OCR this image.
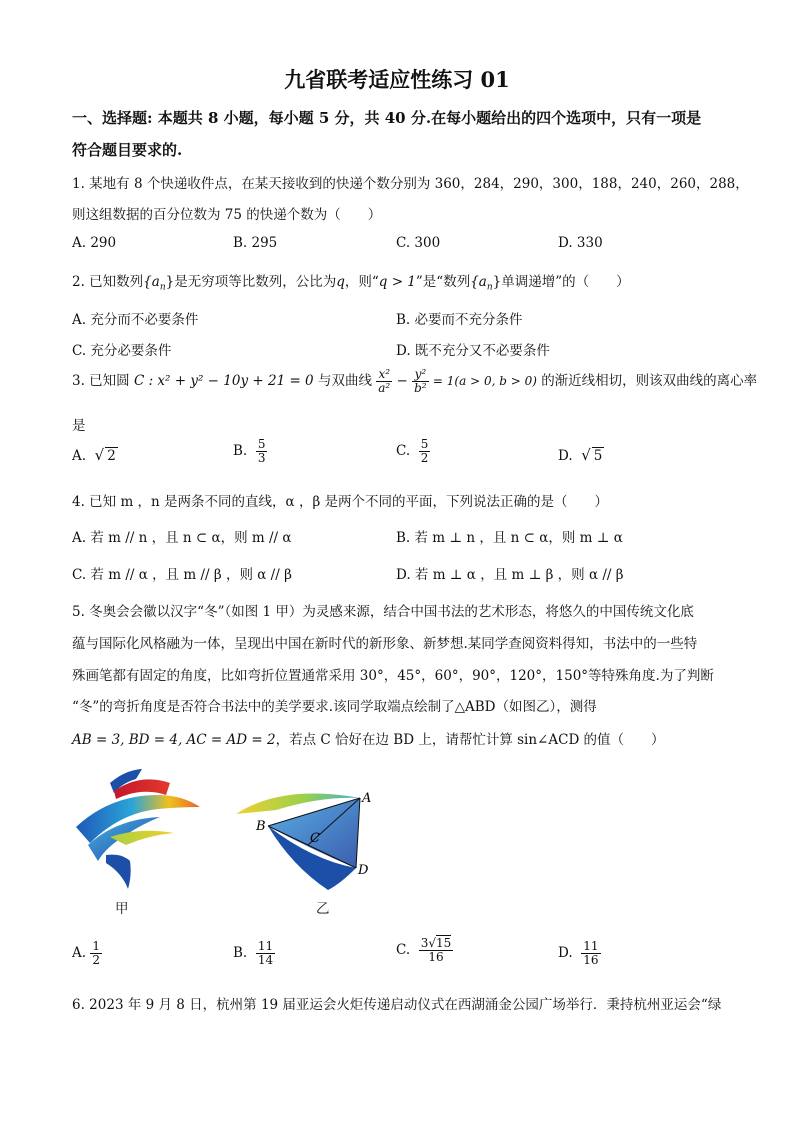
九省联考适应性练习 01
一、选择题: 本题共 8 小题，每小题 5 分，共 40 分.在每小题给出的四个选项中，只有一项是
符合题目要求的.
1. 某地有 8 个快递收件点，在某天接收到的快递个数分别为 360，284，290，300，188，240，260，288，
则这组数据的百分位数为 75 的快递个数为（　　）
A. 290	B. 295	C. 300	D. 330
2. 已知数列$\{a_n\}$是无穷项等比数列，公比为q，则“q > 1”是“数列$\{a_n\}$单调递增”的（　　）
A. 充分而不必要条件	B. 必要而不充分条件
C. 充分必要条件	D. 既不充分又不必要条件
3. 已知圆 C : x² + y² − 10y + 21 = 0 与双曲线 $\frac{\text{x²}}{\text{a²}} - \frac{\text{y²}}{\text{b²}} = 1(a > 0$, b > 0) 的渐近线相切，则该双曲线的离心率
是
A. √ 2	B. $\frac{5}{3}$	C. $\frac{5}{2}$	D. √ 5
4. 已知 m ，n 是两条不同的直线，α ，β 是两个不同的平面，下列说法正确的是（　　）
A. 若 m // n ，且 n ⊂ α，则 m // α	B. 若 m ⊥ n ，且 n ⊂ α，则 m ⊥ α
C. 若 m // α ，且 m // β ，则 α // β	D. 若 m ⊥ α ，且 m ⊥ β ，则 α // β
5. 冬奥会会徽以汉字“冬”（如图 1 甲）为灵感来源，结合中国书法的艺术形态，将悠久的中国传统文化底
蕴与国际化风格融为一体，呈现出中国在新时代的新形象、新梦想.某同学查阅资料得知，书法中的一些特
殊画笔都有固定的角度，比如弯折位置通常采用 30°，45°，60°，90°，120°，150°等特殊角度.为了判断
“冬”的弯折角度是否符合书法中的美学要求.该同学取端点绘制了△ABD（如图乙），测得
AB = 3, BD = 4, AC = AD = 2，若点 C 恰好在边 BD 上，请帮忙计算 sin∠ACD 的值（　　）
甲
A
B
C
D
乙
A. $\frac{1}{2}$	B. $\frac{11}{14}$	C. $\frac{3√15}{16}$	D. $\frac{11}{16}$
6. 2023 年 9 月 8 日，杭州第 19 届亚运会火炬传递启动仪式在西湖涌金公园广场举行．秉持杭州亚运会“绿
